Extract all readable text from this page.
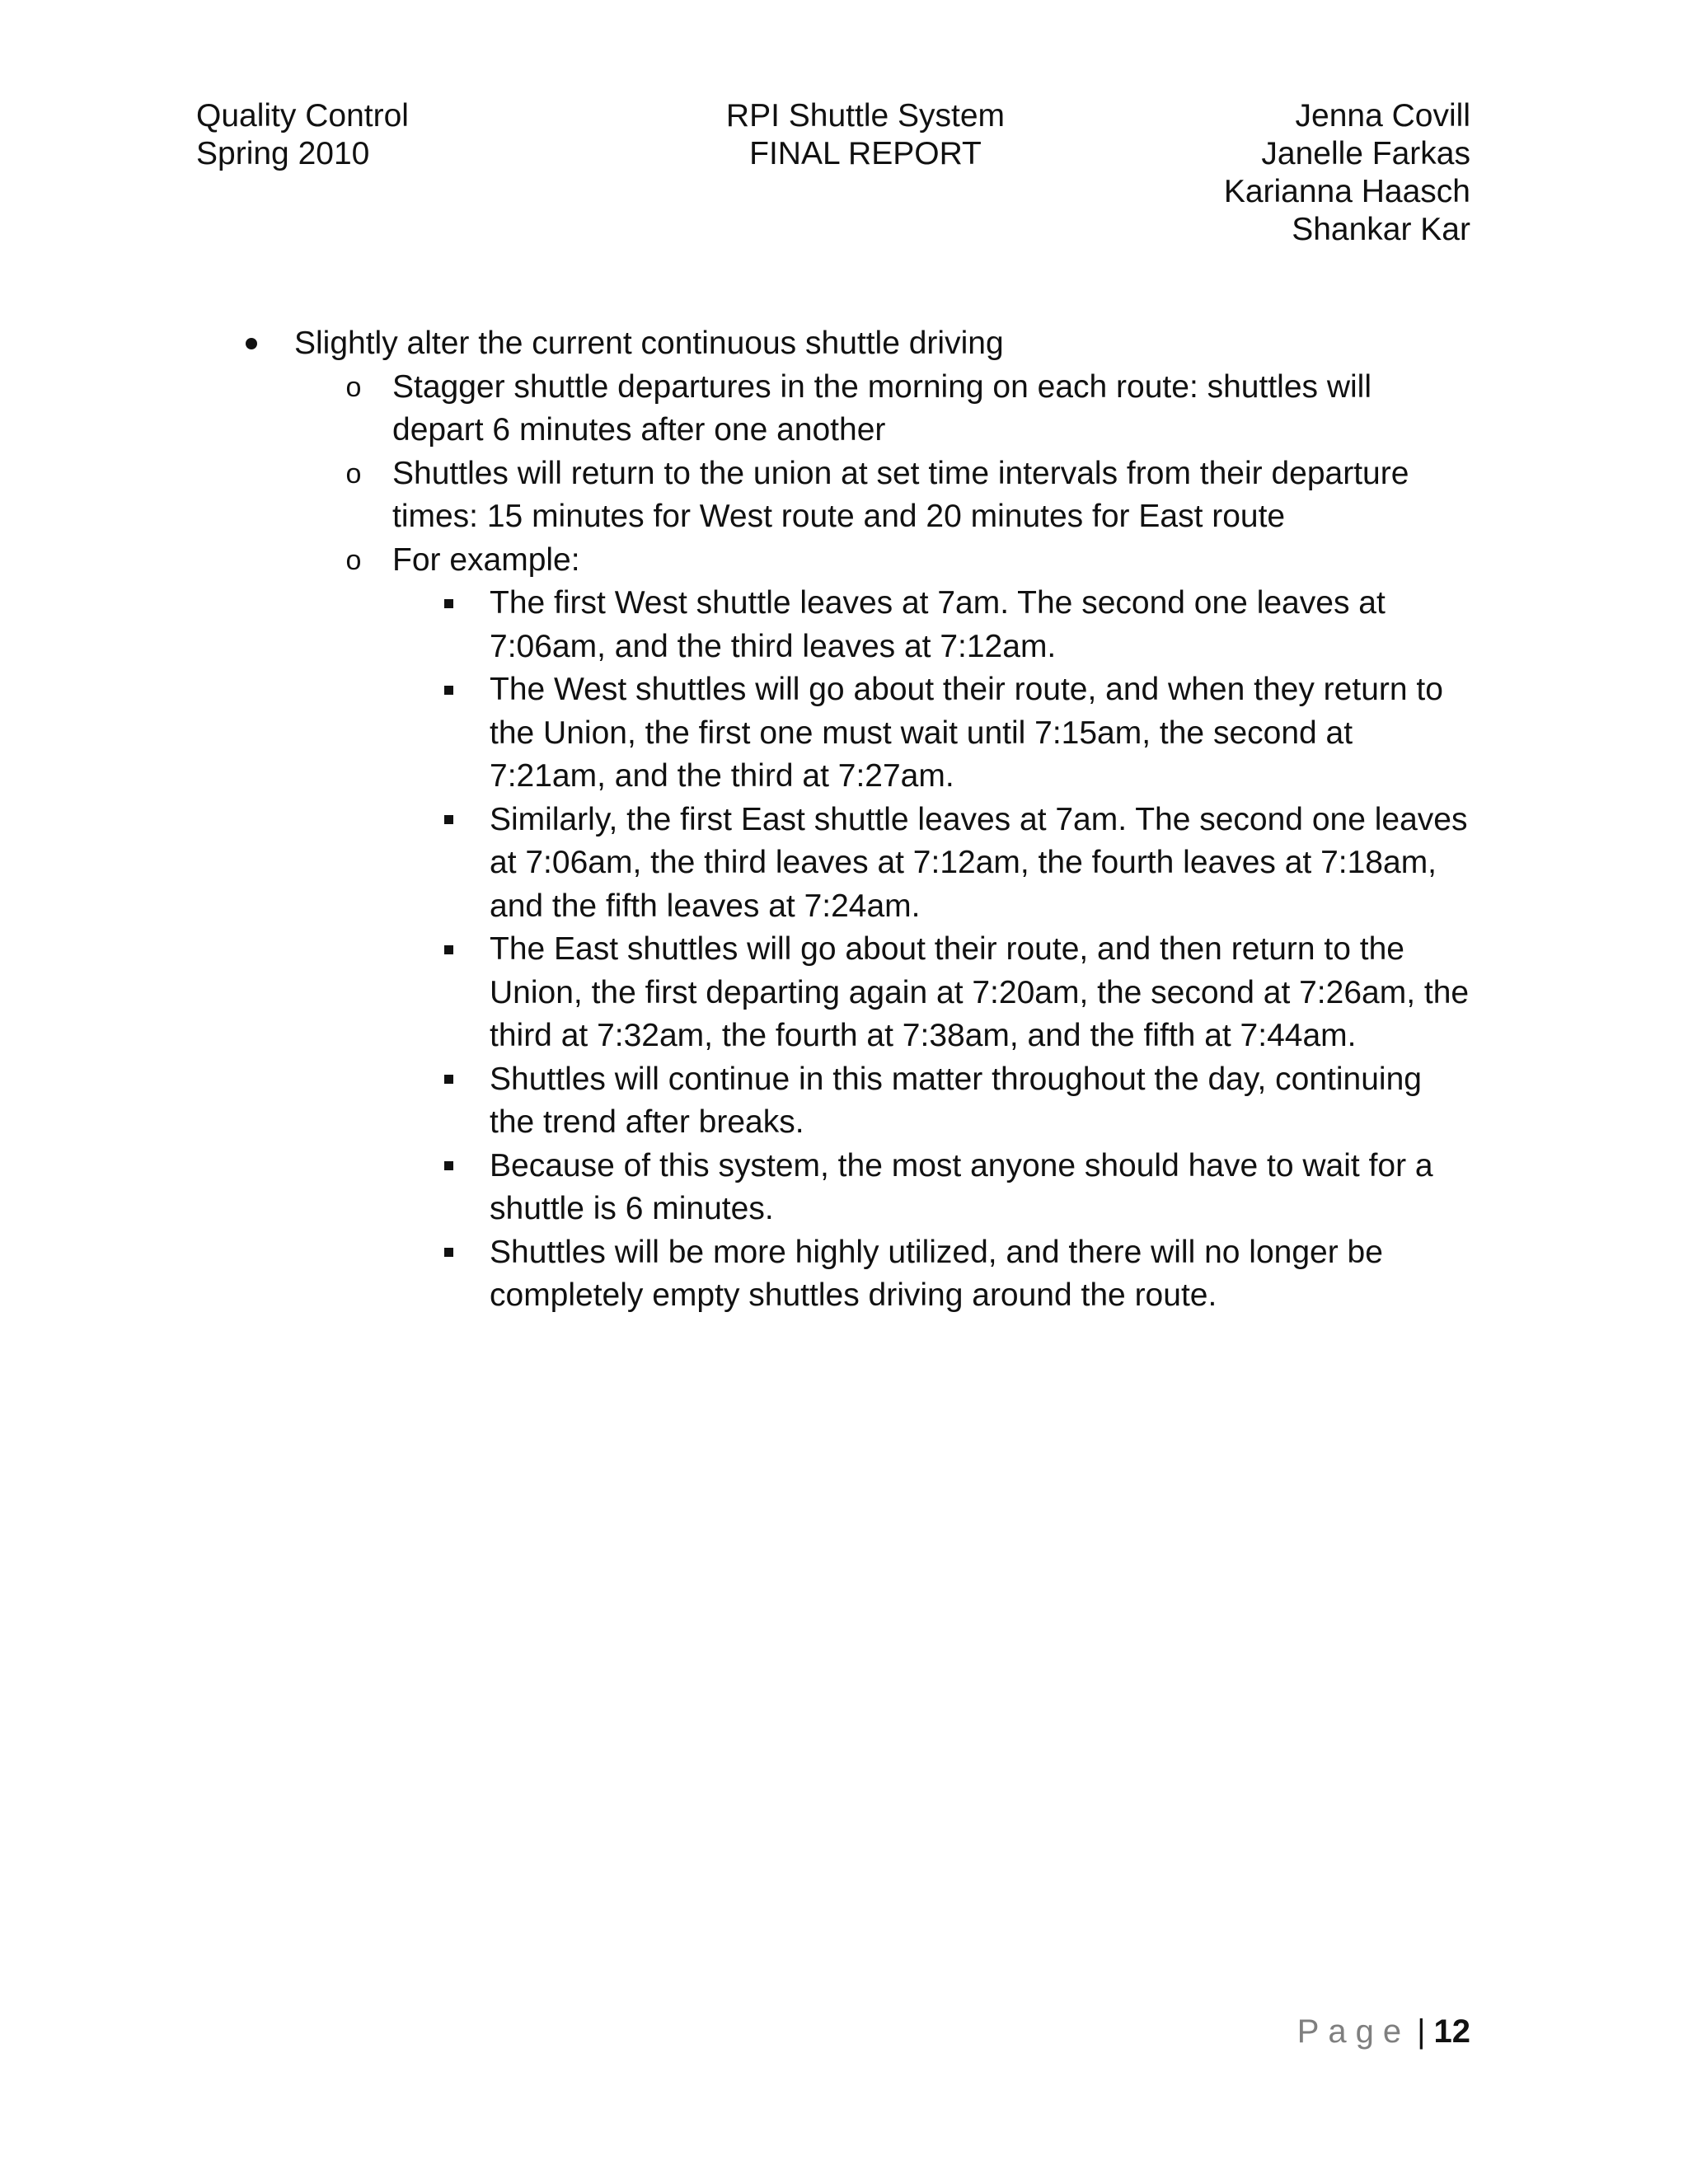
Quality Control
Spring 2010
RPI Shuttle System
FINAL REPORT
Jenna Covill
Janelle Farkas
Karianna Haasch
Shankar Kar
Slightly alter the current continuous shuttle driving
o Stagger shuttle departures in the morning on each route: shuttles will depart 6 minutes after one another
o Shuttles will return to the union at set time intervals from their departure times: 15 minutes for West route and 20 minutes for East route
o For example:
The first West shuttle leaves at 7am. The second one leaves at 7:06am, and the third leaves at 7:12am.
The West shuttles will go about their route, and when they return to the Union, the first one must wait until 7:15am, the second at 7:21am, and the third at 7:27am.
Similarly, the first East shuttle leaves at 7am. The second one leaves at 7:06am, the third leaves at 7:12am, the fourth leaves at 7:18am, and the fifth leaves at 7:24am.
The East shuttles will go about their route, and then return to the Union, the first departing again at 7:20am, the second at 7:26am, the third at 7:32am, the fourth at 7:38am, and the fifth at 7:44am.
Shuttles will continue in this matter throughout the day, continuing the trend after breaks.
Because of this system, the most anyone should have to wait for a shuttle is 6 minutes.
Shuttles will be more highly utilized, and there will no longer be completely empty shuttles driving around the route.
Page | 12
